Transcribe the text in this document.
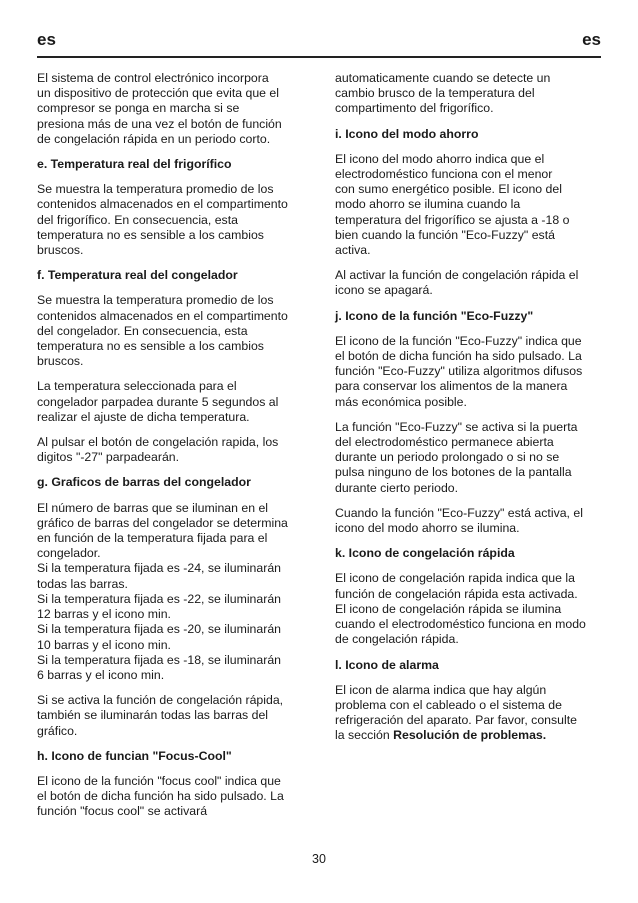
es	es

El sistema de control electrónico incorpora
un dispositivo de protección que evita que el
compresor se ponga en marcha si se
presiona más de una vez el botón de función
de congelación rápida en un periodo corto.

e. Temperatura real del frigorífico

Se muestra la temperatura promedio de los
contenidos almacenados en el compartimento
del frigorífico. En consecuencia, esta
temperatura no es sensible a los cambios
bruscos.

f. Temperatura real del congelador

Se muestra la temperatura promedio de los
contenidos almacenados en el compartimento
del congelador. En consecuencia, esta
temperatura no es sensible a los cambios
bruscos.

La temperatura seleccionada para el
congelador parpadea durante 5 segundos al
realizar el ajuste de dicha temperatura.

Al pulsar el botón de congelación rapida, los
digitos "-27" parpadearán.

g. Graficos de barras del congelador

El número de barras que se iluminan en el
gráfico de barras del congelador se determina
en función de la temperatura fijada para el
congelador.
Si la temperatura fijada es -24, se iluminarán
todas las barras.
Si la temperatura fijada es -22, se iluminarán
12 barras y el icono min.
Si la temperatura fijada es -20, se iluminarán
10 barras y el icono min.
Si la temperatura fijada es -18, se iluminarán
6 barras y el icono min.

Si se activa la función de congelación rápida,
también se iluminarán todas las barras del
gráfico.

h. Icono de funcian "Focus-Cool"

El icono de la función "focus cool" indica que
el botón de dicha función ha sido pulsado. La
función "focus cool" se activará

automaticamente cuando se detecte un
cambio brusco de la temperatura del
compartimento del frigorífico.

i. Icono del modo ahorro

El icono del modo ahorro indica que el
electrodoméstico funciona con el menor
con sumo energético posible. El icono del
modo ahorro se ilumina cuando la
temperatura del frigorífico se ajusta a -18 o
bien cuando la función "Eco-Fuzzy" está
activa.

Al activar la función de congelación rápida el
icono se apagará.

j. Icono de la función "Eco-Fuzzy"

El icono de la función "Eco-Fuzzy" indica que
el botón de dicha función ha sido pulsado. La
función "Eco-Fuzzy" utiliza algoritmos difusos
para conservar los alimentos de la manera
más económica posible.

La función "Eco-Fuzzy" se activa si la puerta
del electrodoméstico permanece abierta
durante un periodo prolongado o si no se
pulsa ninguno de los botones de la pantalla
durante cierto periodo.

Cuando la función "Eco-Fuzzy" está activa, el
icono del modo ahorro se ilumina.

k. Icono de congelación rápida

El icono de congelación rapida indica que la
función de congelación rápida esta activada.
El icono de congelación rápida se ilumina
cuando el electrodoméstico funciona en modo
de congelación rápida.

l. Icono de alarma

El icon de alarma indica que hay algún
problema con el cableado o el sistema de
refrigeración del aparato. Par favor, consulte
la sección Resolución de problemas.

30
